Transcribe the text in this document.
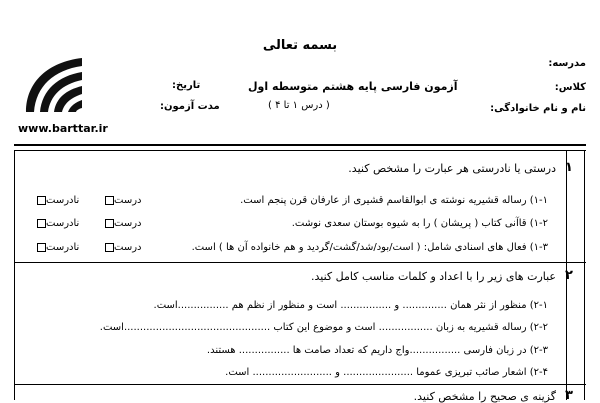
بسمه تعالی
مدرسه:
کلاس:
نام و نام خانوادگی:
آزمون فارسی پایه هشتم متوسطه اول
( درس ۱ تا ۴ )
تاریخ:
مدت آزمون:
www.barttar.ir
۱
درستی یا نادرستی هر عبارت را مشخص کنید.
۱-۱) رساله قشیریه نوشته ی ابوالقاسم قشیری از عارفان قرن پنجم است.
۱-۲) قاآنی کتاب ( پریشان ) را به شیوه بوستان سعدی نوشت.
۱-۳) فعال های اسنادی شامل: ( است/بود/شد/گشت/گردید و هم خانواده آن ها ) است.
درست
نادرست
درست
نادرست
درست
نادرست
۲
عبارت های زیر را با اعداد و کلمات مناسب کامل کنید.
۲-۱) منظور از نثر همان .............. و ................ است و منظور از نظم هم ................است.
۲-۲) رساله قشیریه به زبان ................. است و موضوع این کتاب ..............................................است.
۲-۳) در زبان فارسی ................واج داریم که تعداد صامت ها ................ هستند.
۲-۴) اشعار صائب تبریزی عموما ...................... و ......................... است.
۳
گزینه ی صحیح را مشخص کنید.
